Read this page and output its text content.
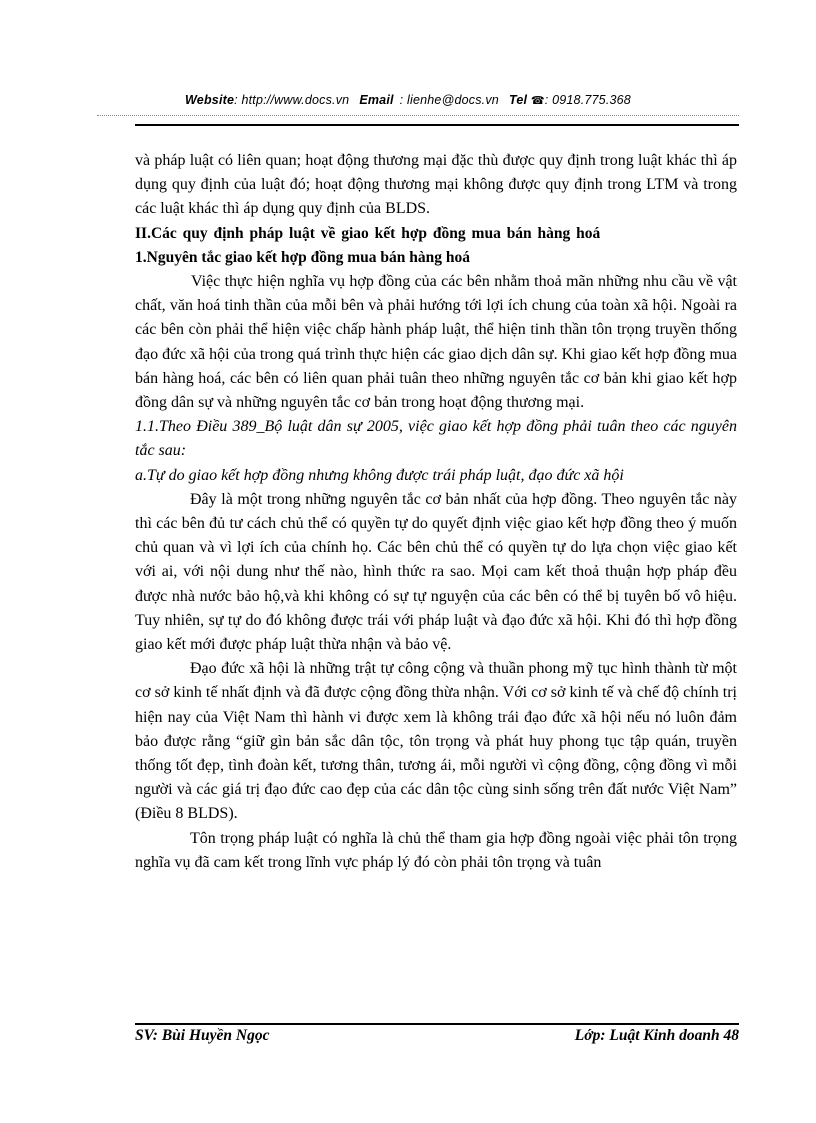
Website: http://www.docs.vn Email : lienhe@docs.vn Tel ☎: 0918.775.368

và pháp luật có liên quan; hoạt động thương mại đặc thù được quy định trong luật khác thì áp dụng quy định của luật đó; hoạt động thương mại không được quy định trong LTM và trong các luật khác thì áp dụng quy định của BLDS.

II.Các quy định pháp luật về giao kết hợp đồng mua bán hàng hoá

1.Nguyên tắc giao kết hợp đồng mua bán hàng hoá

Việc thực hiện nghĩa vụ hợp đồng của các bên nhằm thoả mãn những nhu cầu về vật chất, văn hoá tinh thần của mỗi bên và phải hướng tới lợi ích chung của toàn xã hội. Ngoài ra các bên còn phải thể hiện việc chấp hành pháp luật, thể hiện tinh thần tôn trọng truyền thống đạo đức xã hội của trong quá trình thực hiện các giao dịch dân sự. Khi giao kết hợp đồng mua bán hàng hoá, các bên có liên quan phải tuân theo những nguyên tắc cơ bản khi giao kết hợp đồng dân sự và những nguyên tắc cơ bản trong hoạt động thương mại.

1.1.Theo Điều 389_Bộ luật dân sự 2005, việc giao kết hợp đồng phải tuân theo các nguyên tắc sau:

a.Tự do giao kết hợp đồng nhưng không được trái pháp luật, đạo đức xã hội

Đây là một trong những nguyên tắc cơ bản nhất của hợp đồng. Theo nguyên tắc này thì các bên đủ tư cách chủ thể có quyền tự do quyết định việc giao kết hợp đồng theo ý muốn chủ quan và vì lợi ích của chính họ. Các bên chủ thể có quyền tự do lựa chọn việc giao kết với ai, với nội dung như thế nào, hình thức ra sao. Mọi cam kết thoả thuận hợp pháp đều được nhà nước bảo hộ,và khi không có sự tự nguyện của các bên có thể bị tuyên bố vô hiệu. Tuy nhiên, sự tự do đó không được trái với pháp luật và đạo đức xã hội. Khi đó thì hợp đồng giao kết mới được pháp luật thừa nhận và bảo vệ.

Đạo đức xã hội là những trật tự công cộng và thuần phong mỹ tục hình thành từ một cơ sở kinh tế nhất định và đã được cộng đồng thừa nhận. Với cơ sở kinh tế và chế độ chính trị hiện nay của Việt Nam thì hành vi được xem là không trái đạo đức xã hội nếu nó luôn đảm bảo được rằng “giữ gìn bản sắc dân tộc, tôn trọng và phát huy phong tục tập quán, truyền thống tốt đẹp, tình đoàn kết, tương thân, tương ái, mỗi người vì cộng đồng, cộng đồng vì mỗi người và các giá trị đạo đức cao đẹp của các dân tộc cùng sinh sống trên đất nước Việt Nam” (Điều 8 BLDS).

Tôn trọng pháp luật có nghĩa là chủ thể tham gia hợp đồng ngoài việc phải tôn trọng nghĩa vụ đã cam kết trong lĩnh vực pháp lý đó còn phải tôn trọng và tuân

SV: Bùi Huyền Ngọc	Lớp: Luật Kinh doanh 48
